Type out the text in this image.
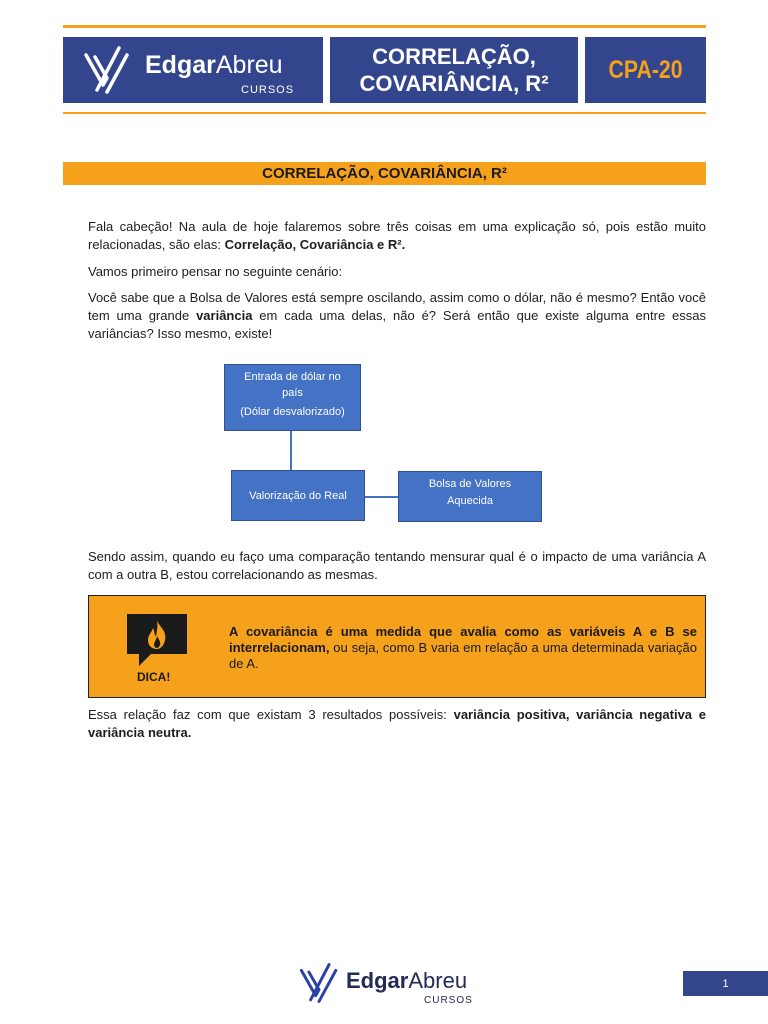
EdgarAbreu
CURSOS
CORRELAÇÃO,
COVARIÂNCIA, R² CPA-20
CORRELAÇÃO, COVARIÂNCIA, R²

Fala cabeção! Na aula de hoje falaremos sobre três coisas em uma explicação só, pois estão muito relacionadas, são elas: Correlação, Covariância e R².

Vamos primeiro pensar no seguinte cenário:

Você sabe que a Bolsa de Valores está sempre oscilando, assim como o dólar, não é mesmo? Então você tem uma grande variância em cada uma delas, não é? Será então que existe alguma entre essas variâncias? Isso mesmo, existe!

Entrada de dólar no
país
(Dólar desvalorizado)
Valorização do Real
Bolsa de Valores
Aquecida

Sendo assim, quando eu faço uma comparação tentando mensurar qual é o impacto de uma variância A com a outra B, estou correlacionando as mesmas.

DICA!

A covariância é uma medida que avalia como as variáveis A e B se interrelacionam, ou seja, como B varia em relação a uma determinada variação de A.

Essa relação faz com que existam 3 resultados possíveis: variância positiva, variância negativa e variância neutra.

EdgarAbreu
CURSOS
1
